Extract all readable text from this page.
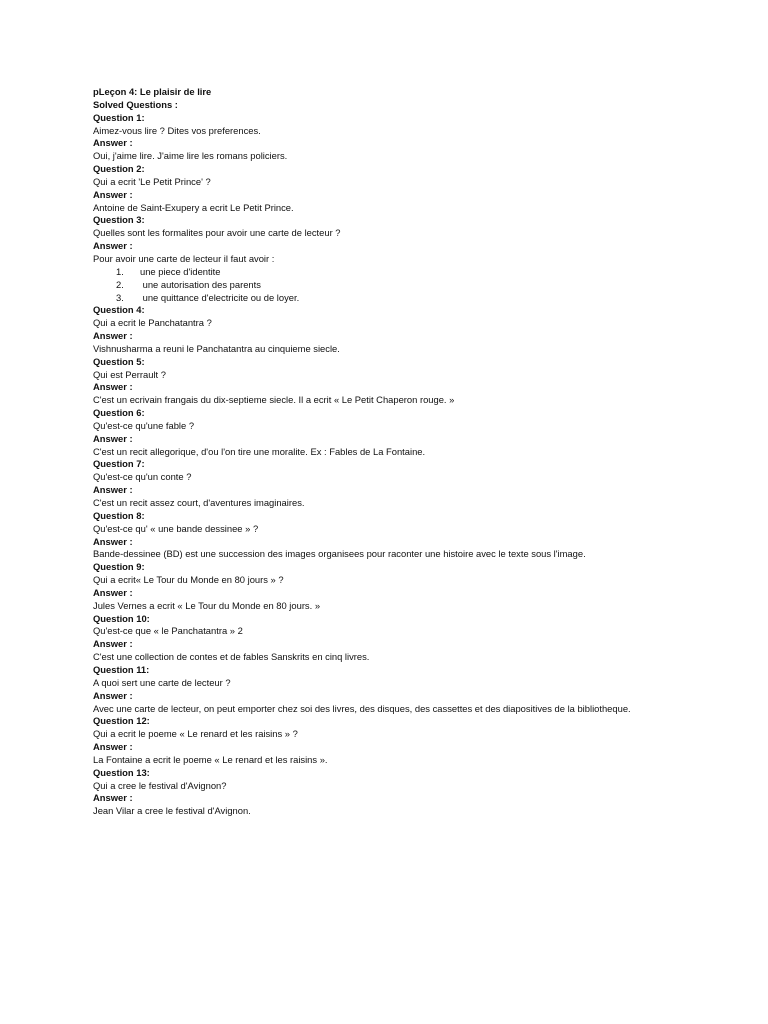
pLeçon 4: Le plaisir de lire
Solved Questions :
Question 1:
Aimez-vous lire ? Dites vos preferences.
Answer :
Oui, j'aime lire. J'aime lire les romans policiers.
Question 2:
Qui a ecrit 'Le Petit Prince' ?
Answer :
Antoine de Saint-Exupery a ecrit Le Petit Prince.
Question 3:
Quelles sont les formalites pour avoir une carte de lecteur ?
Answer :
Pour avoir une carte de lecteur il faut avoir :
1.	une piece d'identite
2.	une autorisation des parents
3.	une quittance d'electricite ou de loyer.
Question 4:
Qui a ecrit le Panchatantra ?
Answer :
Vishnusharma a reuni le Panchatantra au cinquieme siecle.
Question 5:
Qui est Perrault ?
Answer :
C'est un ecrivain frangais du dix-septieme siecle. Il a ecrit « Le Petit Chaperon rouge. »
Question 6:
Qu'est-ce qu'une fable ?
Answer :
C'est un recit allegorique, d'ou l'on tire une moralite. Ex : Fables de La Fontaine.
Question 7:
Qu'est-ce qu'un conte ?
Answer :
C'est un recit assez court, d'aventures imaginaires.
Question 8:
Qu'est-ce qu' « une bande dessinee » ?
Answer :
Bande-dessinee (BD) est une succession des images organisees pour raconter une histoire avec le texte sous l'image.
Question 9:
Qui a ecrit« Le Tour du Monde en 80 jours » ?
Answer :
Jules Vernes a ecrit « Le Tour du Monde en 80 jours. »
Question 10:
Qu'est-ce que « le Panchatantra » 2
Answer :
C'est une collection de contes et de fables Sanskrits en cinq livres.
Question 11:
A quoi sert une carte de lecteur ?
Answer :
Avec une carte de lecteur, on peut emporter chez soi des livres, des disques, des cassettes et des diapositives de la bibliotheque.
Question 12:
Qui a ecrit le poeme « Le renard et les raisins » ?
Answer :
La Fontaine a ecrit le poeme « Le renard et les raisins ».
Question 13:
Qui a cree le festival d'Avignon?
Answer :
Jean Vilar a cree le festival d'Avignon.
